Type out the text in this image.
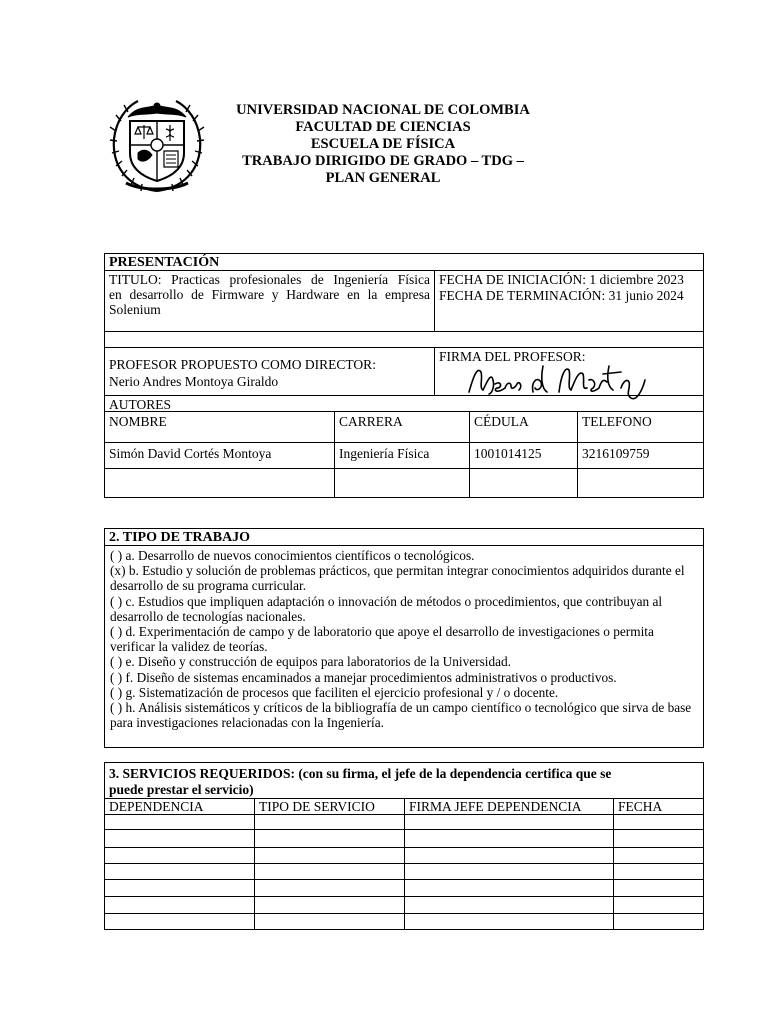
UNIVERSIDAD NACIONAL DE COLOMBIA
FACULTAD DE CIENCIAS
ESCUELA DE FÍSICA
TRABAJO DIRIGIDO DE GRADO – TDG –
PLAN GENERAL
PRESENTACIÓN
TITULO: Practicas profesionales de Ingeniería Física
en desarrollo de Firmware y Hardware en la empresa
Solenium
FECHA DE INICIACIÓN: 1 diciembre 2023
FECHA DE TERMINACIÓN: 31 junio 2024
PROFESOR PROPUESTO COMO DIRECTOR:
Nerio Andres Montoya Giraldo
FIRMA DEL PROFESOR:
AUTORES
NOMBRE	CARRERA	CÉDULA	TELEFONO
Simón David Cortés Montoya	Ingeniería Física	1001014125	3216109759
2. TIPO DE TRABAJO
( ) a. Desarrollo de nuevos conocimientos científicos o tecnológicos.
(x) b. Estudio y solución de problemas prácticos, que permitan integrar conocimientos adquiridos durante el desarrollo de su programa curricular.
( ) c. Estudios que impliquen adaptación o innovación de métodos o procedimientos, que contribuyan al desarrollo de tecnologías nacionales.
( ) d. Experimentación de campo y de laboratorio que apoye el desarrollo de investigaciones o permita verificar la validez de teorías.
( ) e. Diseño y construcción de equipos para laboratorios de la Universidad.
( ) f. Diseño de sistemas encaminados a manejar procedimientos administrativos o productivos.
( ) g. Sistematización de procesos que faciliten el ejercicio profesional y / o docente.
( ) h. Análisis sistemáticos y críticos de la bibliografía de un campo científico o tecnológico que sirva de base para investigaciones relacionadas con la Ingeniería.
3. SERVICIOS REQUERIDOS: (con su firma, el jefe de la dependencia certifica que se
puede prestar el servicio)
DEPENDENCIA	TIPO DE SERVICIO	FIRMA JEFE DEPENDENCIA	FECHA
